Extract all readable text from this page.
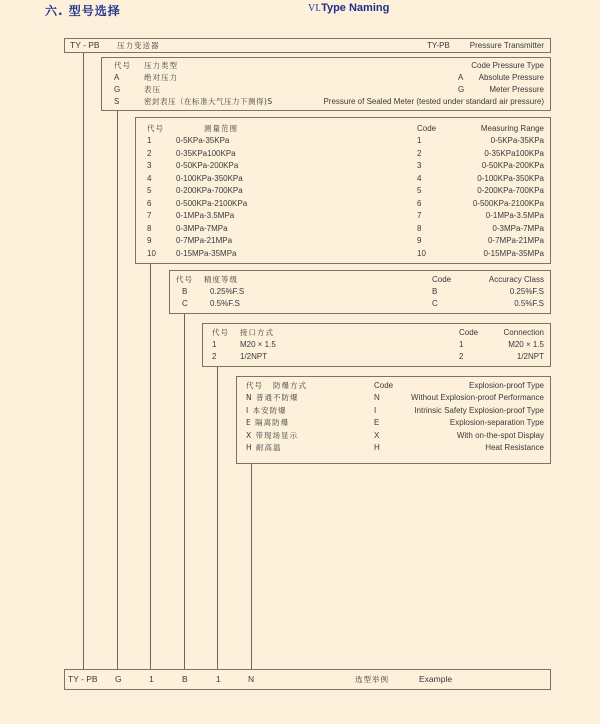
六. 型号选择	VI.Type Naming
TY - PB 压力变送器	TY-PB Pressure Transmitter
代号 压力类型	Code Pressure Type
A	绝对压力	A Absolute Pressure
G	表压	G	Meter Pressure
S	密封表压（在标准大气压力下测得)S	Pressure of Sealed Meter (tested under standard air pressure)
代号	测量范围	Code	Measuring Range
1	0-5KPa-35KPa	1	0-5KPa-35KPa
2	0-35KPa100KPa	2	0-35KPa100KPa
3	0-50KPa-200KPa	3	0-50KPa-200KPa
4	0-100KPa-350KPa	4	0-100KPa-350KPa
5	0-200KPa-700KPa	5	0-200KPa-700KPa
6	0-500KPa-2100KPa	6	0-500KPa-2100KPa
7	0-1MPa-3.5MPa	7	0-1MPa-3.5MPa
8	0-3MPa-7MPa	8	0-3MPa-7MPa
9	0-7MPa-21MPa	9	0-7MPa-21MPa
10	0-15MPa-35MPa	10	0-15MPa-35MPa
代号 精度等级	Code	Accuracy Class
B	0.25%F.S	B	0.25%F.S
C	0.5%F.S	C	0.5%F.S
代号 接口方式	Code	Connection
1	M20 × 1.5	1	M20 × 1.5
2	1/2NPT	2	1/2NPT
代号 防爆方式	Code	Explosion-proof Type
N 普通不防爆	N	Without Explosion-proof Performance
I 本安防爆	I	Intrinsic Safety Explosion-proof Type
E 隔离防爆	E	Explosion-separation Type
X 带现场显示	X	With on-the-spot Display
H 耐高温	H	Heat Resistance
TY - PB G	1	B	1	N	选型举例	Example
